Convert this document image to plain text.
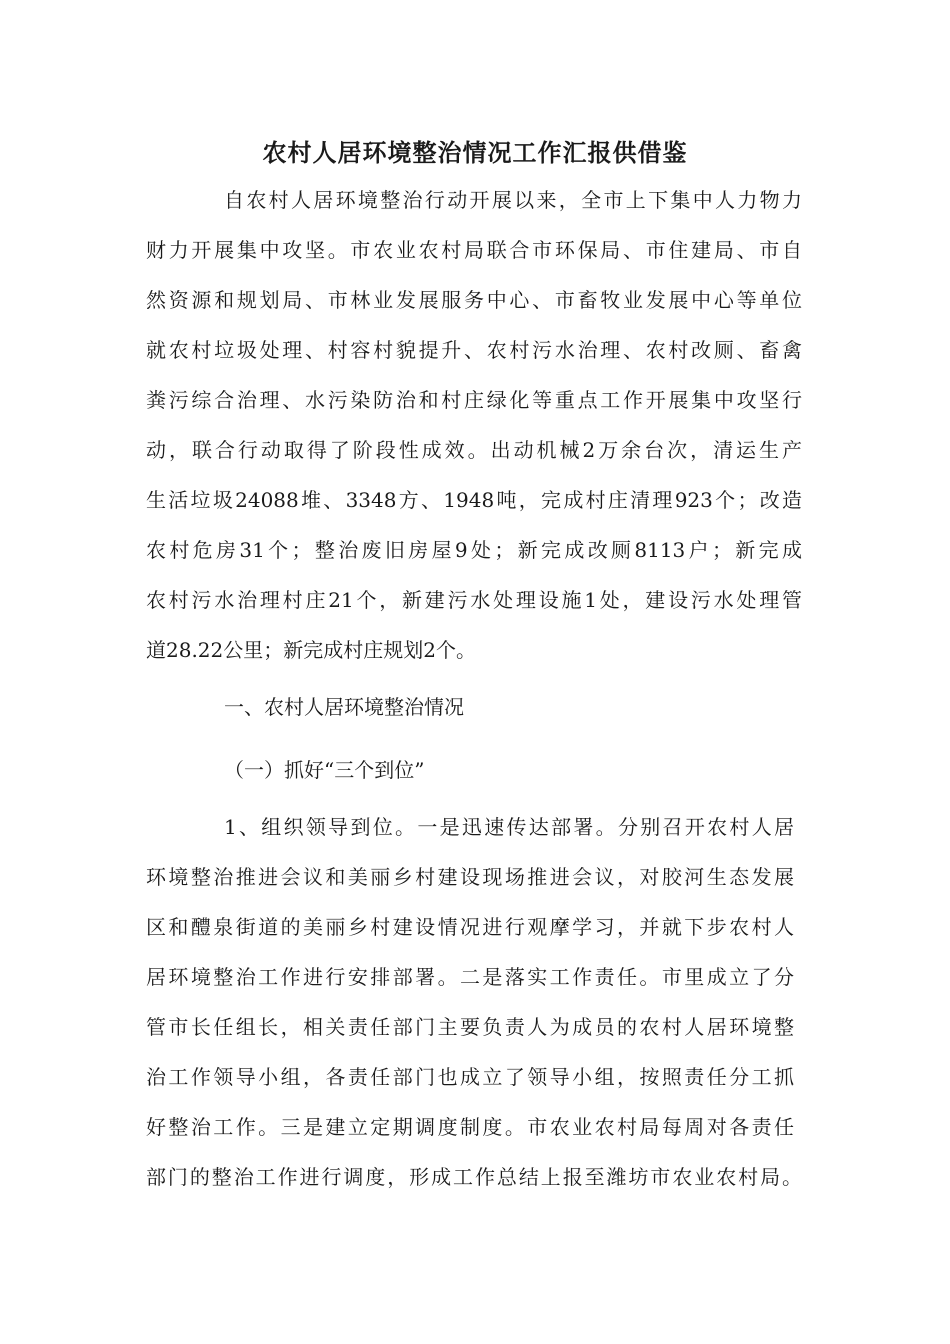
农村人居环境整治情况工作汇报供借鉴
自农村人居环境整治行动开展以来，全市上下集中人力物力
财力开展集中攻坚。市农业农村局联合市环保局、市住建局、市自
然资源和规划局、市林业发展服务中心、市畜牧业发展中心等单位
就农村垃圾处理、村容村貌提升、农村污水治理、农村改厕、畜禽
粪污综合治理、水污染防治和村庄绿化等重点工作开展集中攻坚行
动，联合行动取得了阶段性成效。出动机械2万余台次，清运生产
生活垃圾24088堆、3348方、1948吨，完成村庄清理923个；改造
农村危房31个；整治废旧房屋9处；新完成改厕8113户；新完成
农村污水治理村庄21个，新建污水处理设施1处，建设污水处理管
道28.22公里；新完成村庄规划2个。
一、农村人居环境整治情况
（一）抓好“三个到位”
1、组织领导到位。一是迅速传达部署。分别召开农村人居
环境整治推进会议和美丽乡村建设现场推进会议，对胶河生态发展
区和醴泉街道的美丽乡村建设情况进行观摩学习，并就下步农村人
居环境整治工作进行安排部署。二是落实工作责任。市里成立了分
管市长任组长，相关责任部门主要负责人为成员的农村人居环境整
治工作领导小组，各责任部门也成立了领导小组，按照责任分工抓
好整治工作。三是建立定期调度制度。市农业农村局每周对各责任
部门的整治工作进行调度，形成工作总结上报至潍坊市农业农村局。
